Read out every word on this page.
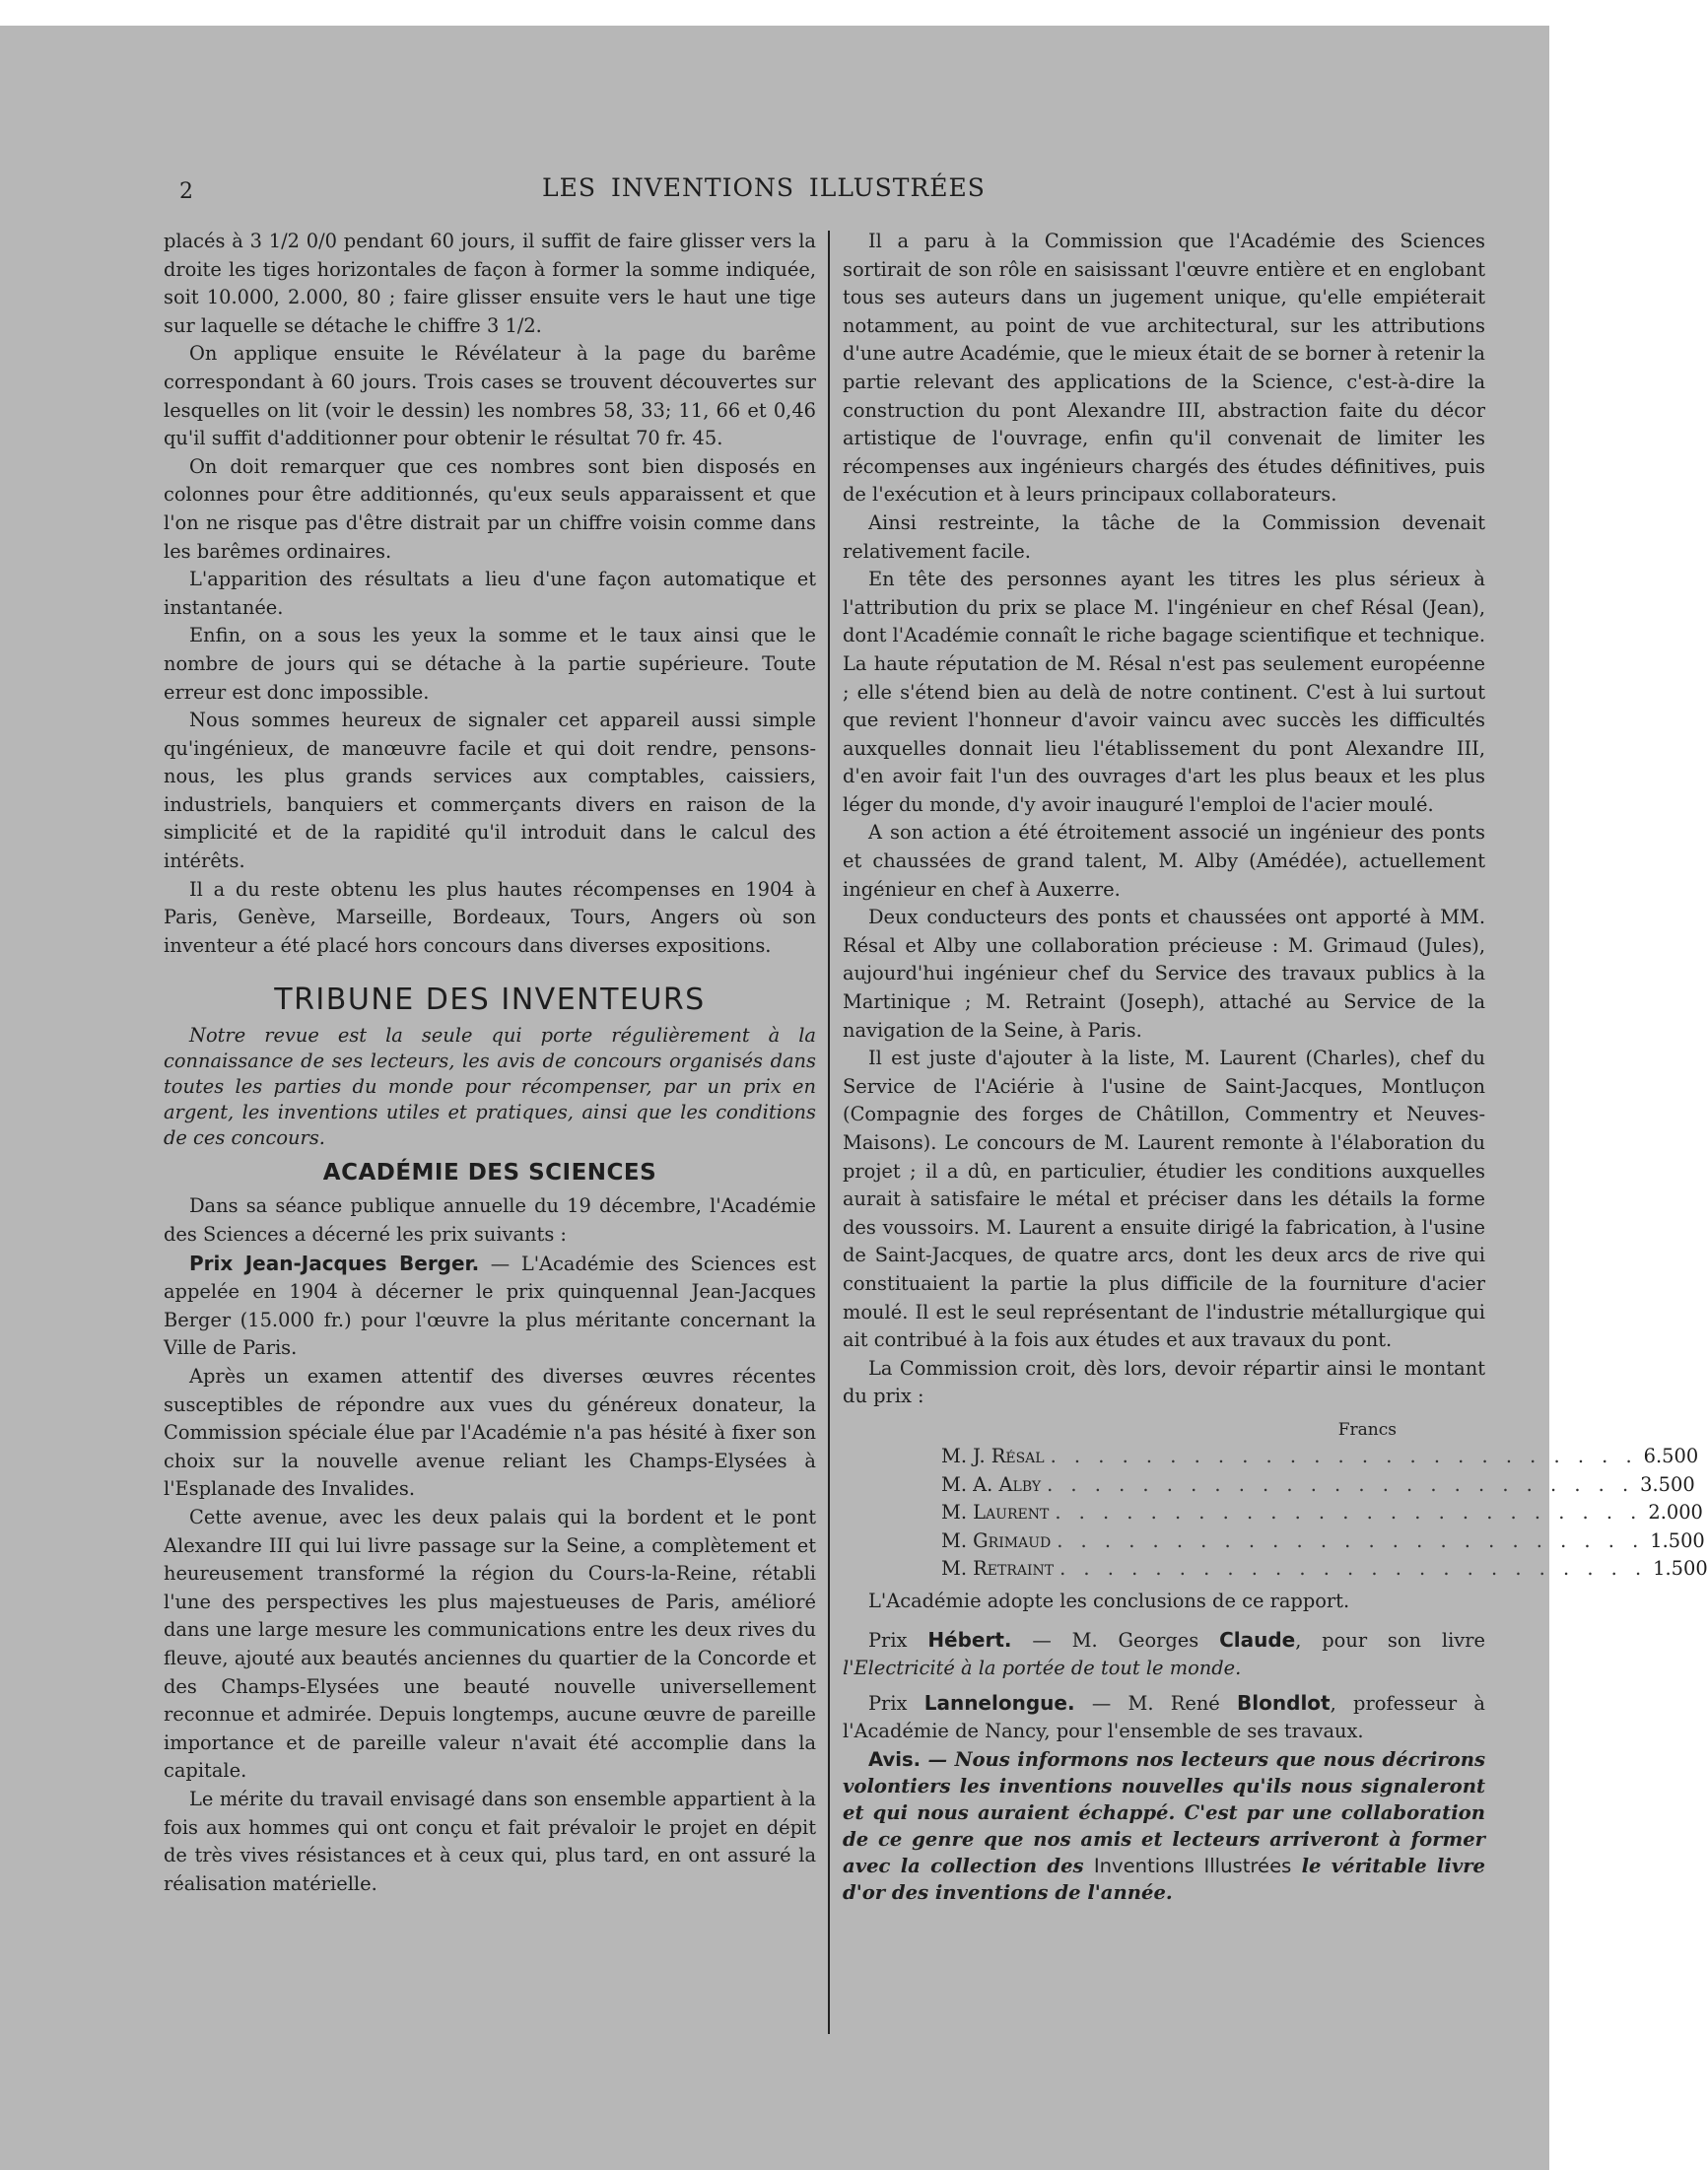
2	LES INVENTIONS ILLUSTRÉES

placés à 3 1/2 0/0 pendant 60 jours, il suffit de faire glisser vers la droite les tiges horizontales de façon à former la somme indiquée, soit 10.000, 2.000, 80 ; faire glisser ensuite vers le haut une tige sur laquelle se détache le chiffre 3 1/2.

On applique ensuite le Révélateur à la page du barême correspondant à 60 jours. Trois cases se trouvent découvertes sur lesquelles on lit (voir le dessin) les nombres 58, 33; 11, 66 et 0,46 qu'il suffit d'additionner pour obtenir le résultat 70 fr. 45.

On doit remarquer que ces nombres sont bien disposés en colonnes pour être additionnés, qu'eux seuls apparaissent et que l'on ne risque pas d'être distrait par un chiffre voisin comme dans les barêmes ordinaires.

L'apparition des résultats a lieu d'une façon automatique et instantanée.

Enfin, on a sous les yeux la somme et le taux ainsi que le nombre de jours qui se détache à la partie supérieure. Toute erreur est donc impossible.

Nous sommes heureux de signaler cet appareil aussi simple qu'ingénieux, de manœuvre facile et qui doit rendre, pensons-nous, les plus grands services aux comptables, caissiers, industriels, banquiers et commerçants divers en raison de la simplicité et de la rapidité qu'il introduit dans le calcul des intérêts.

Il a du reste obtenu les plus hautes récompenses en 1904 à Paris, Genève, Marseille, Bordeaux, Tours, Angers où son inventeur a été placé hors concours dans diverses expositions.

TRIBUNE DES INVENTEURS

Notre revue est la seule qui porte régulièrement à la connaissance de ses lecteurs, les avis de concours organisés dans toutes les parties du monde pour récompenser, par un prix en argent, les inventions utiles et pratiques, ainsi que les conditions de ces concours.

ACADÉMIE DES SCIENCES

Dans sa séance publique annuelle du 19 décembre, l'Académie des Sciences a décerné les prix suivants :

Prix Jean-Jacques Berger. — L'Académie des Sciences est appelée en 1904 à décerner le prix quinquennal Jean-Jacques Berger (15.000 fr.) pour l'œuvre la plus méritante concernant la Ville de Paris.

Après un examen attentif des diverses œuvres récentes susceptibles de répondre aux vues du généreux donateur, la Commission spéciale élue par l'Académie n'a pas hésité à fixer son choix sur la nouvelle avenue reliant les Champs-Elysées à l'Esplanade des Invalides.

Cette avenue, avec les deux palais qui la bordent et le pont Alexandre III qui lui livre passage sur la Seine, a complètement et heureusement transformé la région du Cours-la-Reine, rétabli l'une des perspectives les plus majestueuses de Paris, amélioré dans une large mesure les communications entre les deux rives du fleuve, ajouté aux beautés anciennes du quartier de la Concorde et des Champs-Elysées une beauté nouvelle universellement reconnue et admirée. Depuis longtemps, aucune œuvre de pareille importance et de pareille valeur n'avait été accomplie dans la capitale.

Le mérite du travail envisagé dans son ensemble appartient à la fois aux hommes qui ont conçu et fait prévaloir le projet en dépit de très vives résistances et à ceux qui, plus tard, en ont assuré la réalisation matérielle.

Il a paru à la Commission que l'Académie des Sciences sortirait de son rôle en saisissant l'œuvre entière et en englobant tous ses auteurs dans un jugement unique, qu'elle empiéterait notamment, au point de vue architectural, sur les attributions d'une autre Académie, que le mieux était de se borner à retenir la partie relevant des applications de la Science, c'est-à-dire la construction du pont Alexandre III, abstraction faite du décor artistique de l'ouvrage, enfin qu'il convenait de limiter les récompenses aux ingénieurs chargés des études définitives, puis de l'exécution et à leurs principaux collaborateurs.

Ainsi restreinte, la tâche de la Commission devenait relativement facile.

En tête des personnes ayant les titres les plus sérieux à l'attribution du prix se place M. l'ingénieur en chef Résal (Jean), dont l'Académie connaît le riche bagage scientifique et technique. La haute réputation de M. Résal n'est pas seulement européenne ; elle s'étend bien au delà de notre continent. C'est à lui surtout que revient l'honneur d'avoir vaincu avec succès les difficultés auxquelles donnait lieu l'établissement du pont Alexandre III, d'en avoir fait l'un des ouvrages d'art les plus beaux et les plus léger du monde, d'y avoir inauguré l'emploi de l'acier moulé.

A son action a été étroitement associé un ingénieur des ponts et chaussées de grand talent, M. Alby (Amédée), actuellement ingénieur en chef à Auxerre.

Deux conducteurs des ponts et chaussées ont apporté à MM. Résal et Alby une collaboration précieuse : M. Grimaud (Jules), aujourd'hui ingénieur chef du Service des travaux publics à la Martinique ; M. Retraint (Joseph), attaché au Service de la navigation de la Seine, à Paris.

Il est juste d'ajouter à la liste, M. Laurent (Charles), chef du Service de l'Aciérie à l'usine de Saint-Jacques, Montluçon (Compagnie des forges de Châtillon, Commentry et Neuves-Maisons). Le concours de M. Laurent remonte à l'élaboration du projet ; il a dû, en particulier, étudier les conditions auxquelles aurait à satisfaire le métal et préciser dans les détails la forme des voussoirs. M. Laurent a ensuite dirigé la fabrication, à l'usine de Saint-Jacques, de quatre arcs, dont les deux arcs de rive qui constituaient la partie la plus difficile de la fourniture d'acier moulé. Il est le seul représentant de l'industrie métallurgique qui ait contribué à la fois aux études et aux travaux du pont.

La Commission croit, dès lors, devoir répartir ainsi le montant du prix :

Francs
M. J. Résal . . . . . . . . . . . . . . . . . . . . . . . . . 6.500
M. A. Alby . . . . . . . . . . . . . . . . . . . . . . . . . 3.500
M. Laurent . . . . . . . . . . . . . . . . . . . . . . . . . 2.000
M. Grimaud . . . . . . . . . . . . . . . . . . . . . . . . . 1.500
M. Retraint . . . . . . . . . . . . . . . . . . . . . . . . . 1.500

L'Académie adopte les conclusions de ce rapport.

Prix Hébert. — M. Georges Claude, pour son livre l'Electricité à la portée de tout le monde.

Prix Lannelongue. — M. René Blondlot, professeur à l'Académie de Nancy, pour l'ensemble de ses travaux.

Avis. — Nous informons nos lecteurs que nous décrirons volontiers les inventions nouvelles qu'ils nous signaleront et qui nous auraient échappé. C'est par une collaboration de ce genre que nos amis et lecteurs arriveront à former avec la collection des Inventions Illustrées le véritable livre d'or des inventions de l'année.
